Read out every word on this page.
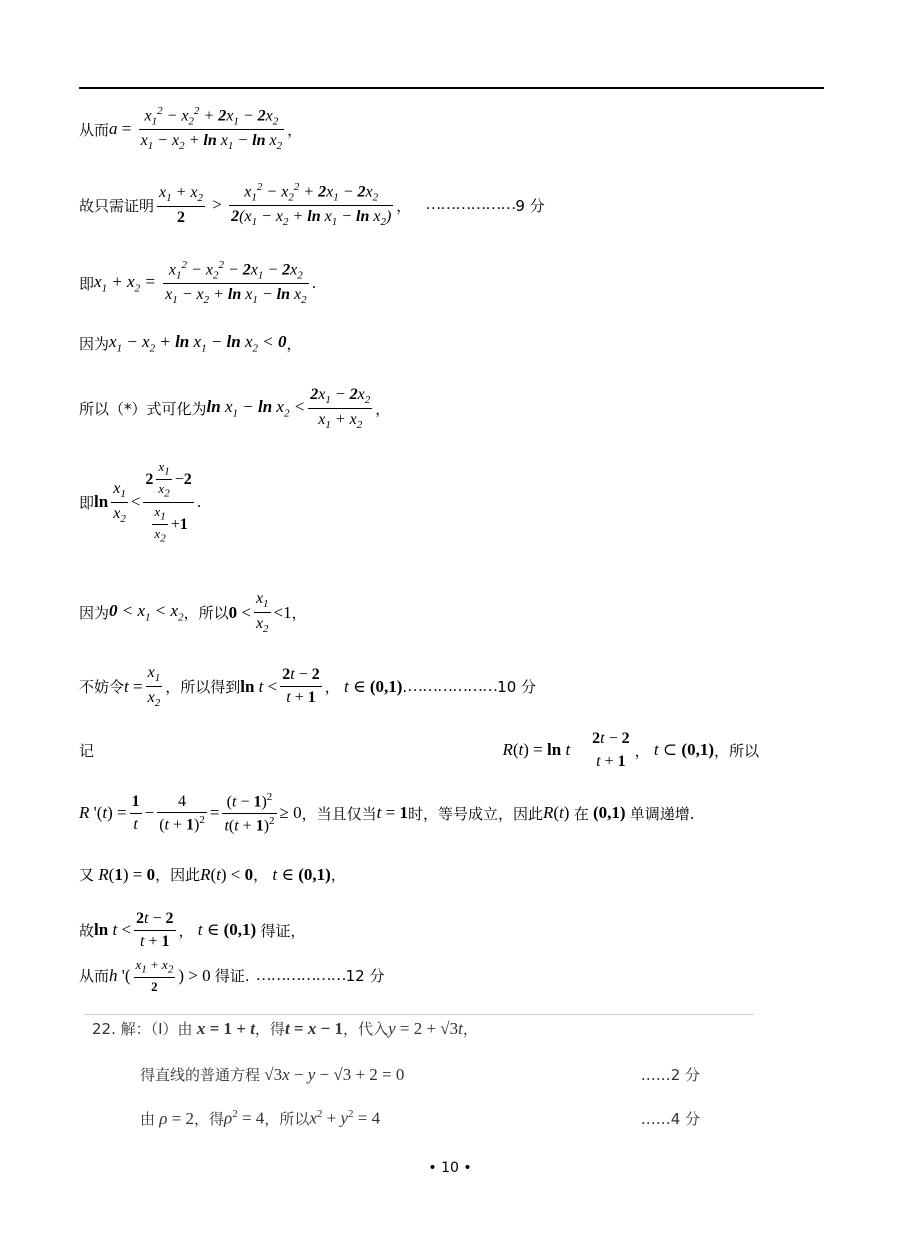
从而 $a = \frac{x_1^2 - x_2^2 + 2x_1 - 2x_2}{x_1 - x_2 + \ln x_1 - \ln x_2}$ ，
故只需证明 $\frac{x_1 + x_2}{2} > \frac{x_1^2 - x_2^2 + 2x_1 - 2x_2}{2(x_1 - x_2 + \ln x_1 - \ln x_2)}$ ， ……………… 9 分
即 $x_1 + x_2 = \frac{x_1^2 - x_2^2 - 2x_1 - 2x_2}{x_1 - x_2 + \ln x_1 - \ln x_2}$ .
因为 $x_1 - x_2 + \ln x_1 - \ln x_2 < 0$ ，
所以（*）式可化为 $\ln x_1 - \ln x_2 < \frac{2x_1 - 2x_2}{x_1 + x_2}$ ，
即 $\ln \frac{x_1}{x_2} < \frac{2 \frac{x_1}{x_2} - 2}{\frac{x_1}{x_2} + 1}$ .
因为 $0 < x_1 < x_2$ ，所以 $0 < \frac{x_1}{x_2} <1$ ，
不妨令 $t = \frac{x_1}{x_2}$ ，所以得到 $\ln t < \frac{2t - 2}{t + 1}$ ， t ∈ (0,1) . ……………… 10 分
记	R(t) = ln t
2t − 2
t + 1
， t ⊂ (0,1) ，所以
R '$(t) = \frac{1}{t} - \frac{4}{(t + 1)^2} = \frac{(t - 1)^2}{t(t + 1)^2} \ge 0$ ，当且仅当 t = 1 时，等号成立，因此 R(t) 在 (0,1) 单调递增.
又 R(1) = 0 ，因此 R(t) < 0 ， t ∈ (0,1) ，
故 $\ln t < \frac{2t - 2}{t + 1}$ ， t ∈ (0,1) 得证，
从而 h '( $\frac{x_1 + x_2}{2}$ ) > 0 得证. ……………… 12 分
22. 解：（Ⅰ）由 x = 1 + t ，得 t = x − 1 ，代入 y = 2 + √3t ，
得直线的普通方程 √3x − y − √3 + 2 = 0	……2 分
由 ρ = 2 ，得 $\rho^2 = 4$ ，所以 $x^2 + y^2 = 4$	……4 分
• 10 •
